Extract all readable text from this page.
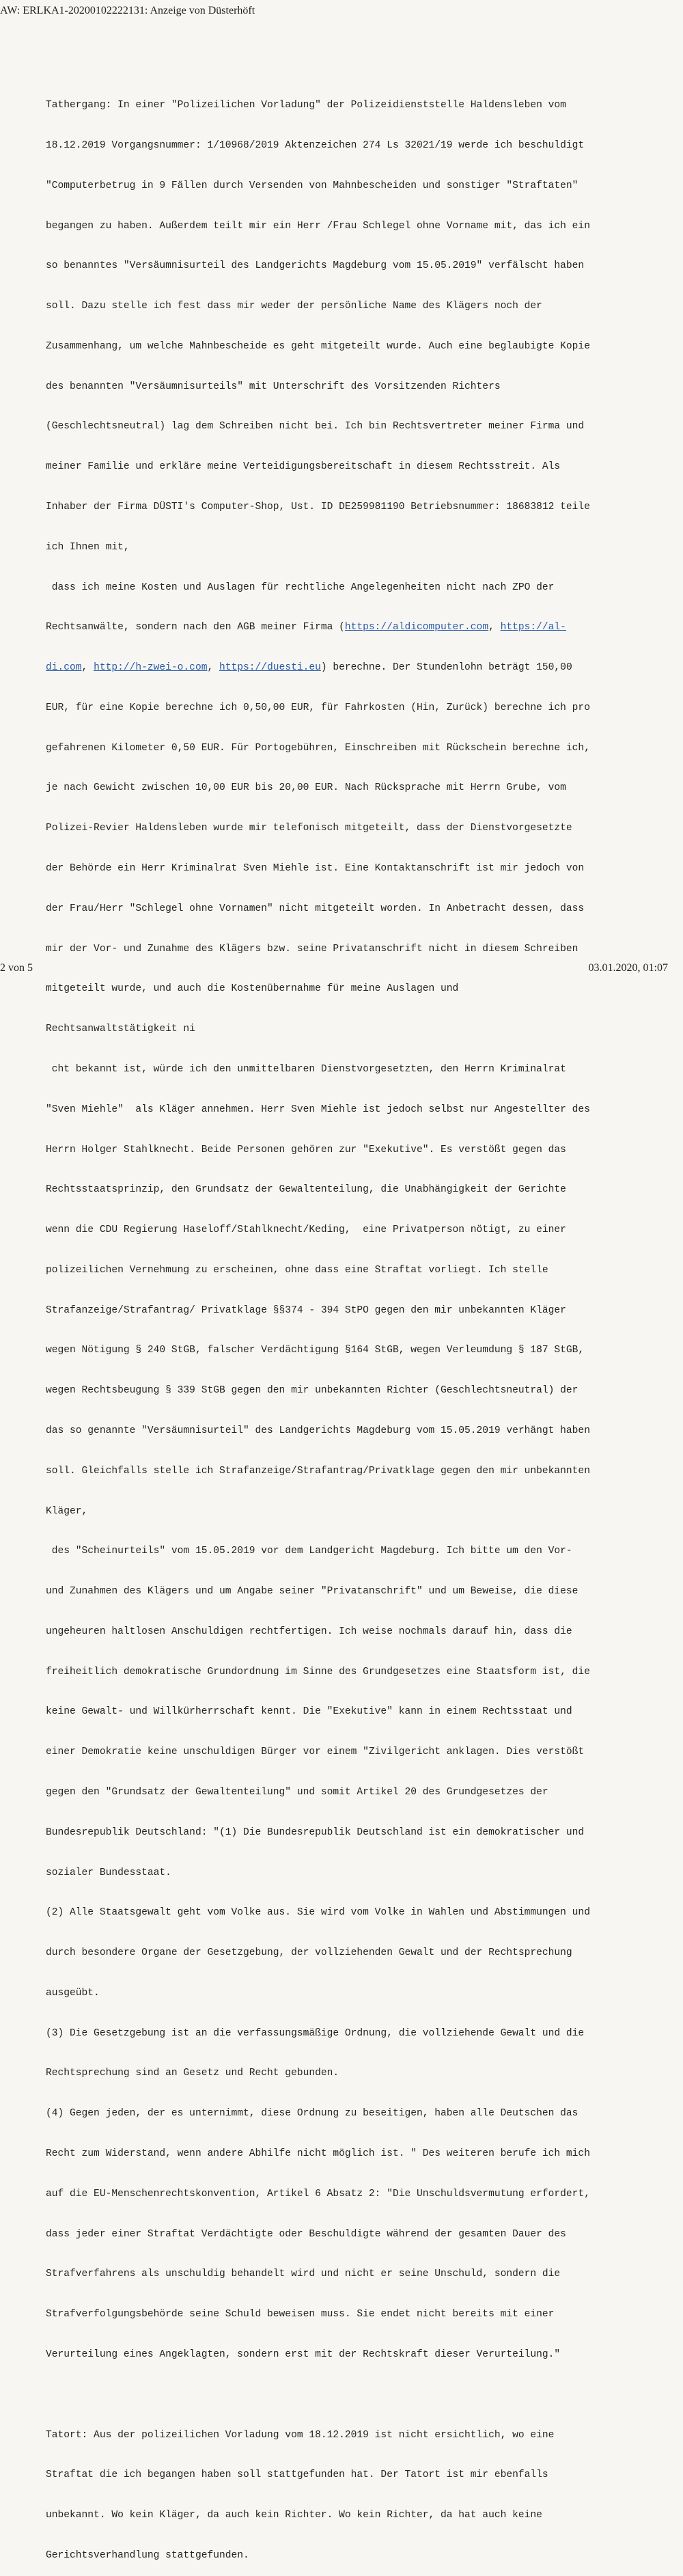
AW: ERLKA1-20200102222131: Anzeige von Düsterhöft

Tathergang: In einer "Polizeilichen Vorladung" der Polizeidienststelle Haldensleben vom

18.12.2019 Vorgangsnummer: 1/10968/2019 Aktenzeichen 274 Ls 32021/19 werde ich beschuldigt

"Computerbetrug in 9 Fällen durch Versenden von Mahnbescheiden und sonstiger "Straftaten"

begangen zu haben. Außerdem teilt mir ein Herr /Frau Schlegel ohne Vorname mit, das ich ein

so benanntes "Versäumnisurteil des Landgerichts Magdeburg vom 15.05.2019" verfälscht haben

soll. Dazu stelle ich fest dass mir weder der persönliche Name des Klägers noch der

Zusammenhang, um welche Mahnbescheide es geht mitgeteilt wurde. Auch eine beglaubigte Kopie

des benannten "Versäumnisurteils" mit Unterschrift des Vorsitzenden Richters

(Geschlechtsneutral) lag dem Schreiben nicht bei. Ich bin Rechtsvertreter meiner Firma und

meiner Familie und erkläre meine Verteidigungsbereitschaft in diesem Rechtsstreit. Als

Inhaber der Firma DÜSTI's Computer-Shop, Ust. ID DE259981190 Betriebsnummer: 18683812 teile

ich Ihnen mit,

dass ich meine Kosten und Auslagen für rechtliche Angelegenheiten nicht nach ZPO der

Rechtsanwälte, sondern nach den AGB meiner Firma (https://aldicomputer.com, https://al-

di.com, http://h-zwei-o.com, https://duesti.eu) berechne. Der Stundenlohn beträgt 150,00

EUR, für eine Kopie berechne ich 0,50,00 EUR, für Fahrkosten (Hin, Zurück) berechne ich pro

gefahrenen Kilometer 0,50 EUR. Für Portogebühren, Einschreiben mit Rückschein berechne ich,

je nach Gewicht zwischen 10,00 EUR bis 20,00 EUR. Nach Rücksprache mit Herrn Grube, vom

Polizei-Revier Haldensleben wurde mir telefonisch mitgeteilt, dass der Dienstvorgesetzte

der Behörde ein Herr Kriminalrat Sven Miehle ist. Eine Kontaktanschrift ist mir jedoch von

der Frau/Herr "Schlegel ohne Vornamen" nicht mitgeteilt worden. In Anbetracht dessen, dass

mir der Vor- und Zunahme des Klägers bzw. seine Privatanschrift nicht in diesem Schreiben

mitgeteilt wurde, und auch die Kostenübernahme für meine Auslagen und

Rechtsanwaltstätigkeit ni

cht bekannt ist, würde ich den unmittelbaren Dienstvorgesetzten, den Herrn Kriminalrat

"Sven Miehle"  als Kläger annehmen. Herr Sven Miehle ist jedoch selbst nur Angestellter des

Herrn Holger Stahlknecht. Beide Personen gehören zur "Exekutive". Es verstößt gegen das

Rechtsstaatsprinzip, den Grundsatz der Gewaltenteilung, die Unabhängigkeit der Gerichte

wenn die CDU Regierung Haseloff/Stahlknecht/Keding,  eine Privatperson nötigt, zu einer

polizeilichen Vernehmung zu erscheinen, ohne dass eine Straftat vorliegt. Ich stelle

Strafanzeige/Strafantrag/ Privatklage §§374 - 394 StPO gegen den mir unbekannten Kläger

wegen Nötigung § 240 StGB, falscher Verdächtigung §164 StGB, wegen Verleumdung § 187 StGB,

wegen Rechtsbeugung § 339 StGB gegen den mir unbekannten Richter (Geschlechtsneutral) der

das so genannte "Versäumnisurteil" des Landgerichts Magdeburg vom 15.05.2019 verhängt haben

soll. Gleichfalls stelle ich Strafanzeige/Strafantrag/Privatklage gegen den mir unbekannten

Kläger,

des "Scheinurteils" vom 15.05.2019 vor dem Landgericht Magdeburg. Ich bitte um den Vor-

und Zunahmen des Klägers und um Angabe seiner "Privatanschrift" und um Beweise, die diese

ungeheuren haltlosen Anschuldigen rechtfertigen. Ich weise nochmals darauf hin, dass die

freiheitlich demokratische Grundordnung im Sinne des Grundgesetzes eine Staatsform ist, die

keine Gewalt- und Willkürherrschaft kennt. Die "Exekutive" kann in einem Rechtsstaat und

einer Demokratie keine unschuldigen Bürger vor einem "Zivilgericht anklagen. Dies verstößt

gegen den "Grundsatz der Gewaltenteilung" und somit Artikel 20 des Grundgesetzes der

Bundesrepublik Deutschland: "(1) Die Bundesrepublik Deutschland ist ein demokratischer und

sozialer Bundesstaat.

(2) Alle Staatsgewalt geht vom Volke aus. Sie wird vom Volke in Wahlen und Abstimmungen und

durch besondere Organe der Gesetzgebung, der vollziehenden Gewalt und der Rechtsprechung

ausgeübt.

(3) Die Gesetzgebung ist an die verfassungsmäßige Ordnung, die vollziehende Gewalt und die

Rechtsprechung sind an Gesetz und Recht gebunden.

(4) Gegen jeden, der es unternimmt, diese Ordnung zu beseitigen, haben alle Deutschen das

Recht zum Widerstand, wenn andere Abhilfe nicht möglich ist. " Des weiteren berufe ich mich

auf die EU-Menschenrechtskonvention, Artikel 6 Absatz 2: "Die Unschuldsvermutung erfordert,

dass jeder einer Straftat Verdächtigte oder Beschuldigte während der gesamten Dauer des

Strafverfahrens als unschuldig behandelt wird und nicht er seine Unschuld, sondern die

Strafverfolgungsbehörde seine Schuld beweisen muss. Sie endet nicht bereits mit einer

Verurteilung eines Angeklagten, sondern erst mit der Rechtskraft dieser Verurteilung."

Tatort: Aus der polizeilichen Vorladung vom 18.12.2019 ist nicht ersichtlich, wo eine

Straftat die ich begangen haben soll stattgefunden hat. Der Tatort ist mir ebenfalls

unbekannt. Wo kein Kläger, da auch kein Richter. Wo kein Richter, da hat auch keine

Gerichtsverhandlung stattgefunden.

2 von 5	03.01.2020, 01:07
